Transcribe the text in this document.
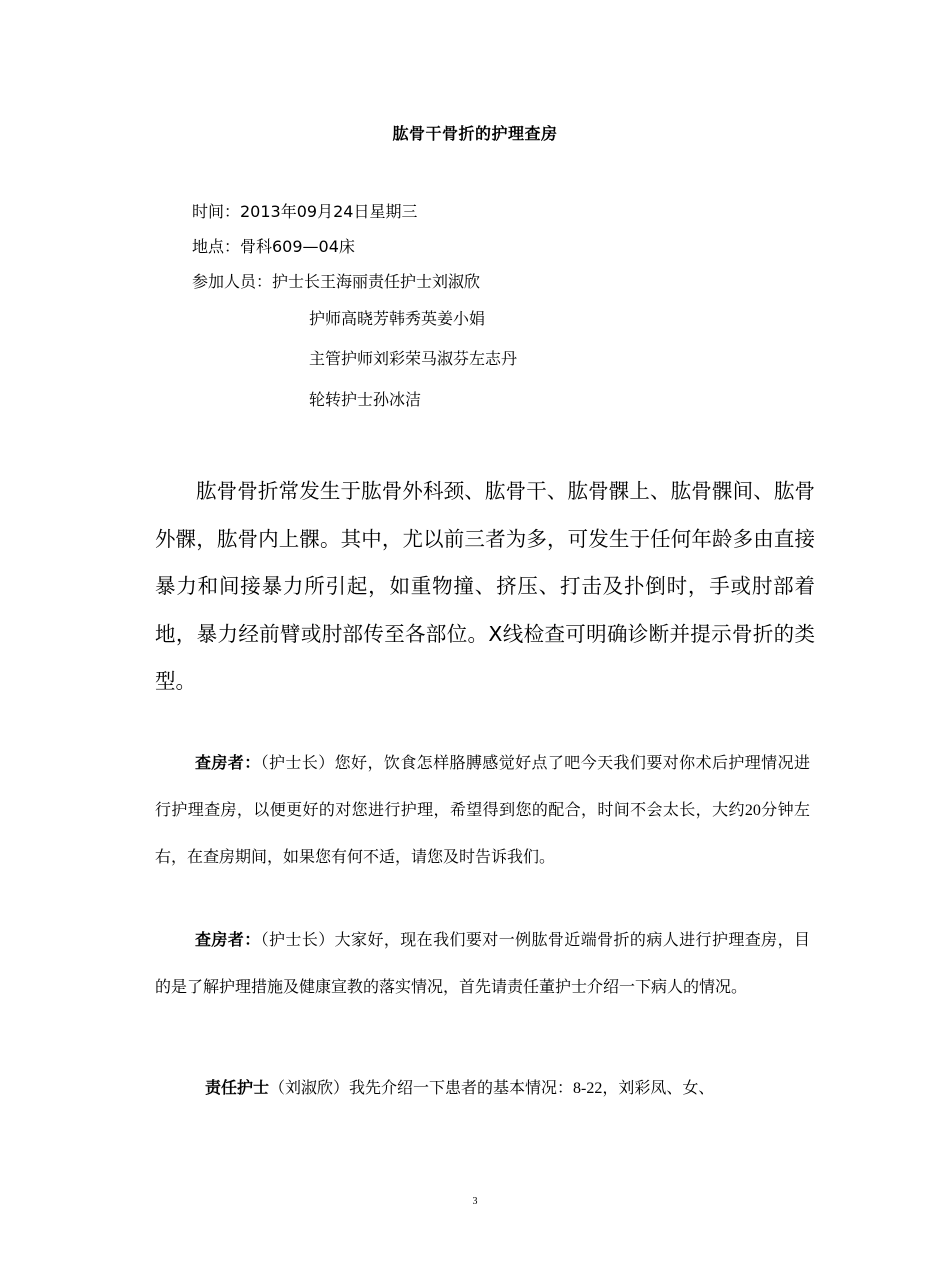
肱骨干骨折的护理查房
时间：2013年09月24日星期三
地点：骨科609—04床
参加人员：护士长王海丽责任护士刘淑欣
护师高晓芳韩秀英姜小娟
主管护师刘彩荣马淑芬左志丹
轮转护士孙冰洁

肱骨骨折常发生于肱骨外科颈、肱骨干、肱骨髁上、肱骨髁间、肱骨外髁，肱骨内上髁。其中，尤以前三者为多，可发生于任何年龄多由直接暴力和间接暴力所引起，如重物撞、挤压、打击及扑倒时，手或肘部着地，暴力经前臂或肘部传至各部位。X线检查可明确诊断并提示骨折的类型。

查房者：（护士长）您好，饮食怎样胳膊感觉好点了吧今天我们要对你术后护理情况进行护理查房，以便更好的对您进行护理，希望得到您的配合，时间不会太长，大约20分钟左右，在查房期间，如果您有何不适，请您及时告诉我们。

查房者：（护士长）大家好，现在我们要对一例肱骨近端骨折的病人进行护理查房，目的是了解护理措施及健康宣教的落实情况，首先请责任董护士介绍一下病人的情况。

责任护士（刘淑欣）我先介绍一下患者的基本情况：8-22，刘彩凤、女、
3
